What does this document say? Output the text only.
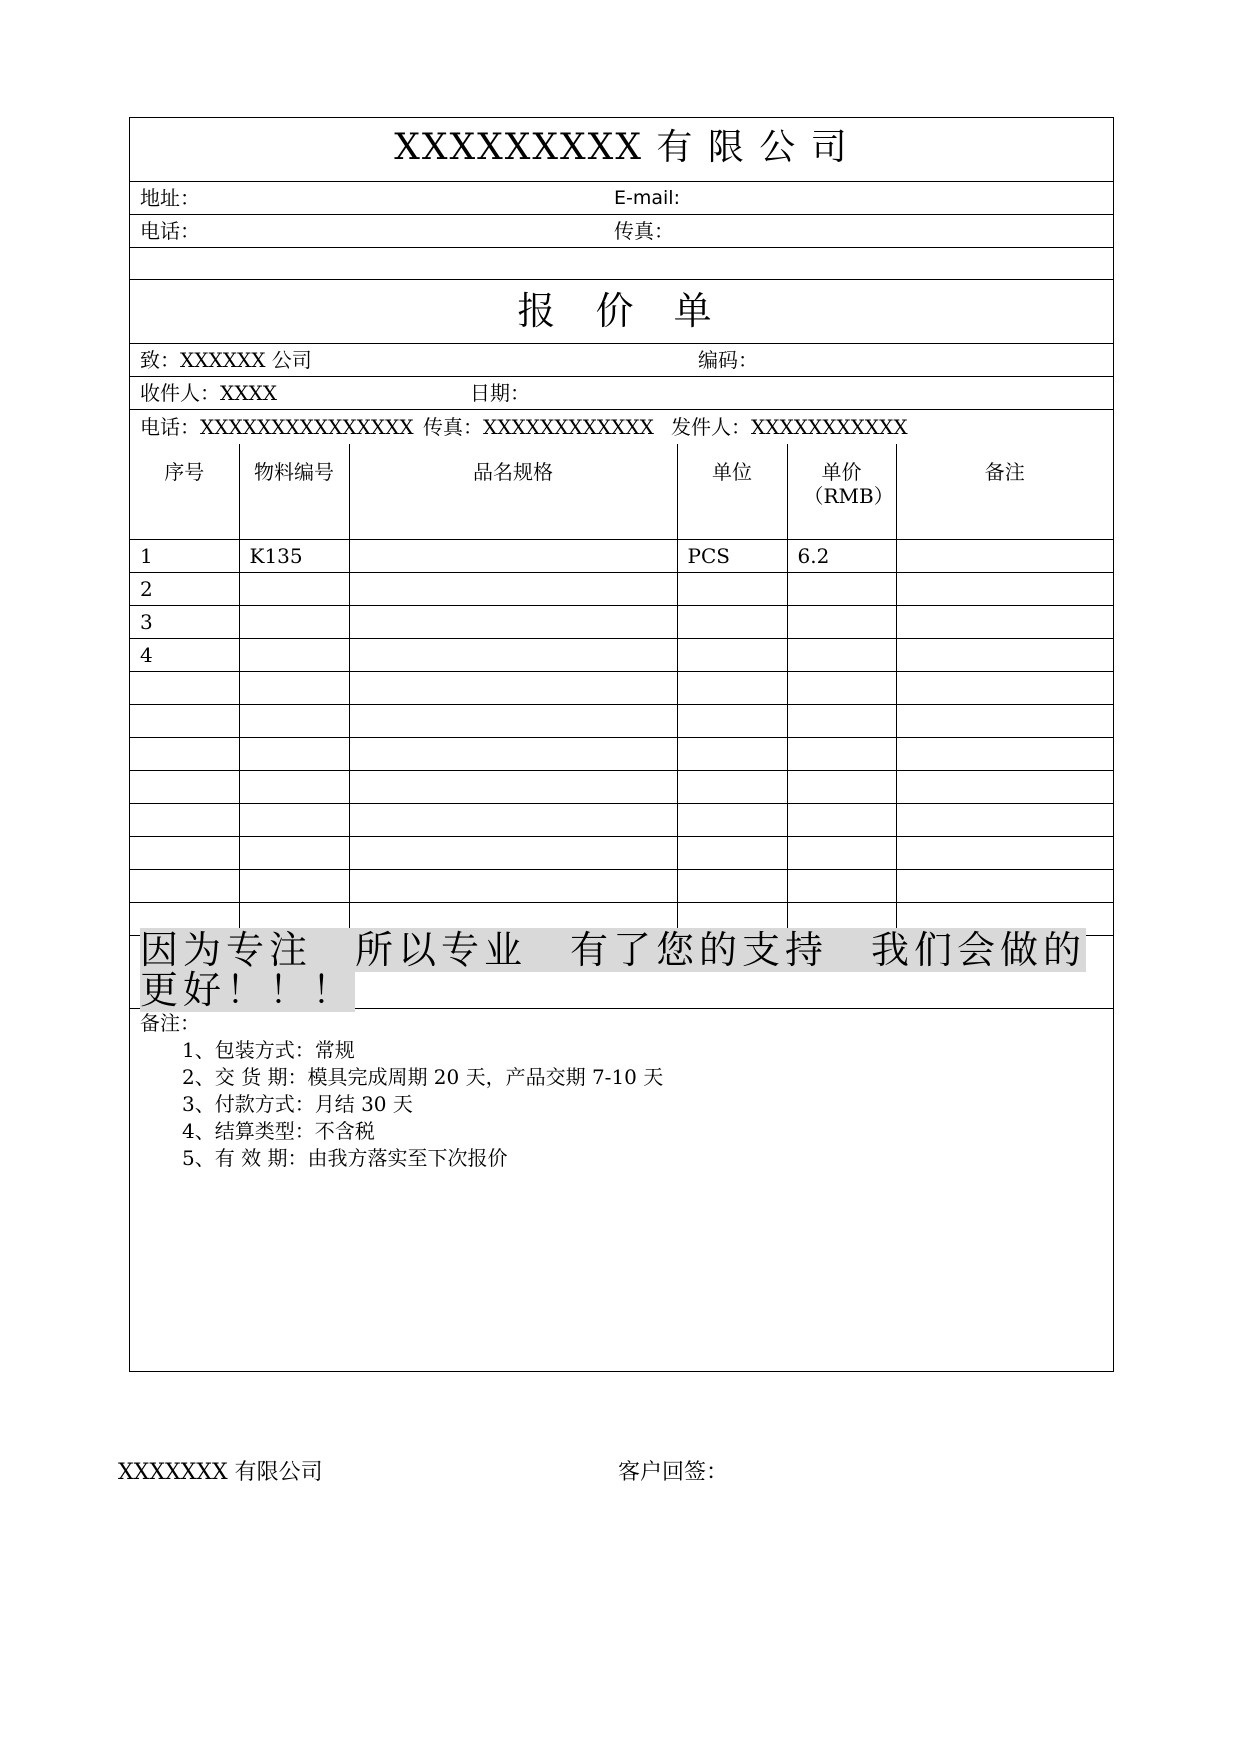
XXXXXXXXX 有 限 公 司
地址：	E-mail:
电话：	传真：
报 价 单
致：XXXXXX 公司	编码：
收件人：XXXX	日期：
电话：XXXXXXXXXXXXXXX 传真：XXXXXXXXXXXX 发件人：XXXXXXXXXXX
序号	物料编号	品名规格	单位	单价（RMB）	备注

1	K135		PCS	6.2	
2					
3					
4					

因为专注　所以专业　有了您的支持　我们会做的更好！！！
备注：
1、包装方式：常规
2、交 货 期：模具完成周期 20 天，产品交期 7-10 天
3、付款方式：月结 30 天
4、结算类型：不含税
5、有 效 期：由我方落实至下次报价
XXXXXXX 有限公司	客户回签：
